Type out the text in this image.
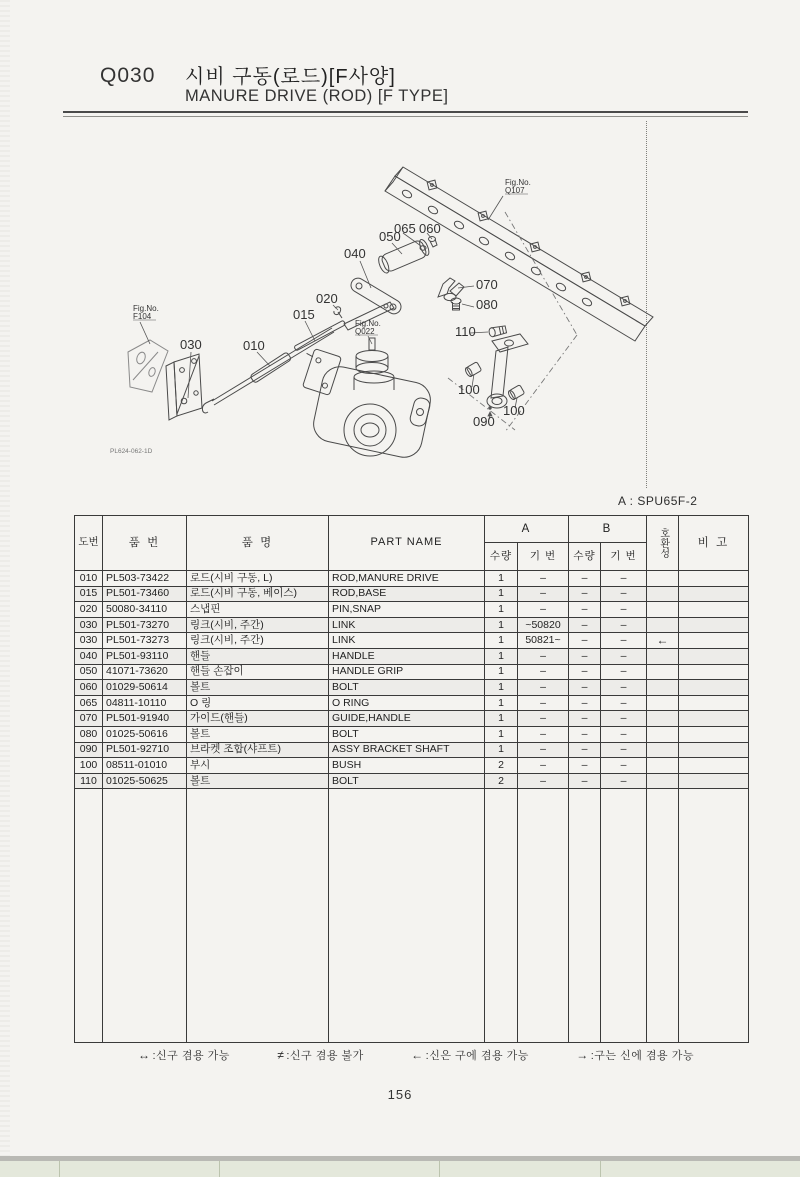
Q030 시비 구동(로드)[F사양]
MANURE DRIVE (ROD) [F TYPE]
Fig.No.
Q107
Fig.No.
F104
Fig.No.
Q022
065 060
050
040
070
080
020
015
030	010
110
100
100
090
PL624-062-1D
A : SPU65F-2
도번	품 번	품 명	PART NAME	A		B		호환성	비 고
				수량	기 번	수량	기 번		
010	PL503-73422	로드(시비 구동, L)	ROD,MANURE DRIVE	1	–	–	–		
015	PL501-73460	로드(시비 구동, 베이스)	ROD,BASE	1	–	–	–		
020	50080-34110	스냅핀	PIN,SNAP	1	–	–	–		
030	PL501-73270	링크(시비, 주간)	LINK	1	~50820	–	–		
030	PL501-73273	링크(시비, 주간)	LINK	1	50821~	–	–	←	
040	PL501-93110	핸들	HANDLE	1	–	–	–		
050	41071-73620	핸들 손잡이	HANDLE GRIP	1	–	–	–		
060	01029-50614	볼트	BOLT	1	–	–	–		
065	04811-10110	O 링	O RING	1	–	–	–		
070	PL501-91940	가이드(핸들)	GUIDE,HANDLE	1	–	–	–		
080	01025-50616	볼트	BOLT	1	–	–	–		
090	PL501-92710	브라켓 조합(샤프트)	ASSY BRACKET SHAFT	1	–	–	–		
100	08511-01010	부시	BUSH	2	–	–	–		
110	01025-50625	볼트	BOLT	2	–	–	–		

↔ :신구 겸용 가능	≠ :신구 겸용 불가	← :신은 구에 겸용 가능	→ :구는 신에 겸용 가능
156
